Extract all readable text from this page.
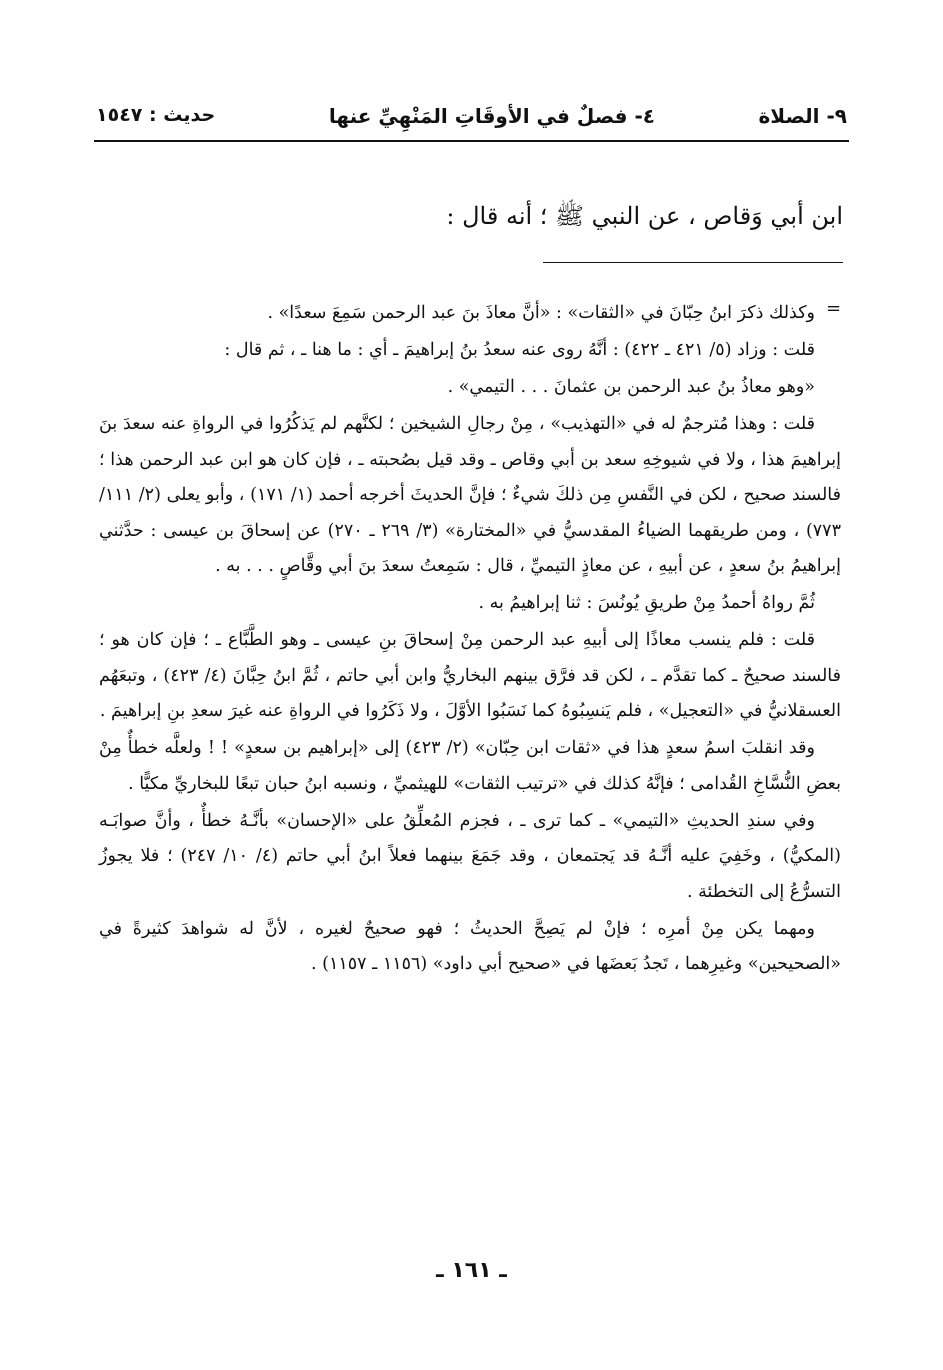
٩- الصلاة
٤- فصلٌ في الأوقَاتِ المَنْهِيِّ عنها
حديث : ١٥٤٧
ابن أبي وَقاص ، عن النبي ﷺ ؛ أنه قال :
=

وكذلك ذكرَ ابنُ حِبّانَ في «الثقات» : «أنَّ معاذَ بنَ عبد الرحمن سَمِعَ سعدًا» .

قلت : وزاد (٥/ ٤٢١ ـ ٤٢٢) : أنَّهُ روى عنه سعدُ بنُ إبراهيمَ ـ أي : ما هنا ـ ، ثم قال :

«وهو معاذُ بنُ عبد الرحمن بن عثمانَ . . . التيمي» .

قلت : وهذا مُترجمٌ له في «التهذيب» ، مِنْ رجالِ الشيخين ؛ لكنَّهم لم يَذكُرُوا في الرواةِ عنه سعدَ بنَ إبراهيمَ هذا ، ولا في شيوخِهِ سعد بن أبي وقاص ـ وقد قيل بصُحبته ـ ، فإن كان هو ابن عبد الرحمن هذا ؛ فالسند صحيح ، لكن في النَّفسِ مِن ذلكَ شيءٌ ؛ فإنَّ الحديثَ أخرجه أحمد (١/ ١٧١) ، وأبو يعلى (٢/ ١١١/ ٧٧٣) ، ومن طريقهما الضياءُ المقدسيُّ في «المختارة» (٣/ ٢٦٩ ـ ٢٧٠) عن إسحاقَ بن عيسى : حدَّثني إبراهيمُ بنُ سعدٍ ، عن أبيهِ ، عن معاذٍ التيميِّ ، قال : سَمِعتُ سعدَ بنَ أبي وقَّاصٍ . . . به .

ثُمَّ رواهُ أحمدُ مِنْ طريقِ يُونُسَ : ثنا إبراهيمُ به .

قلت : فلم ينسب معاذًا إلى أبيهِ عبد الرحمن مِنْ إسحاقَ بنِ عيسى ـ وهو الطَّبَّاع ـ ؛ فإن كان هو ؛ فالسند صحيحٌ ـ كما تقدَّم ـ ، لكن قد فرَّق بينهم البخاريُّ وابن أبي حاتم ، ثُمَّ ابنُ حِبَّانَ (٤/ ٤٢٣) ، وتبعَهُم العسقلانيُّ في «التعجيل» ، فلم يَنسِبُوهُ كما نَسَبُوا الأوَّلَ ، ولا ذَكَرُوا في الرواةِ عنه غيرَ سعدِ بنِ إبراهيمَ .

وقد انقلبَ اسمُ سعدٍ هذا في «ثقات ابن حِبّان» (٢/ ٤٢٣) إلى «إبراهيم بن سعدٍ» ! ! ولعلَّه خطأٌ مِنْ بعضِ النُّسَّاخِ القُدامى ؛ فإنَّهُ كذلك في «ترتيب الثقات» للهيثميِّ ، ونسبه ابنُ حبان تبعًا للبخاريِّ مكيًّا .

وفي سندِ الحديثِ «التيمي» ـ كما ترى ـ ، فجزم المُعلِّقُ على «الإحسان» بأنَّـهُ خطأٌ ، وأنَّ صوابَـه (المكيُّ) ، وخَفِيَ عليه أنَّـهُ قد يَجتمعان ، وقد جَمَعَ بينهما فعلاً ابنُ أبي حاتم (٤/ ١٠/ ٢٤٧) ؛ فلا يجوزُ التسرُّعُ إلى التخطئة .

ومهما يكن مِنْ أمرِه ؛ فإنْ لم يَصِحَّ الحديثُ ؛ فهو صحيحٌ لغيره ، لأنَّ له شواهدَ كثيرةً في «الصحيحين» وغيرِهما ، تَجدُ بَعضَها في «صحيح أبي داود» (١١٥٦ ـ ١١٥٧) .

ـ ١٦١ ـ
